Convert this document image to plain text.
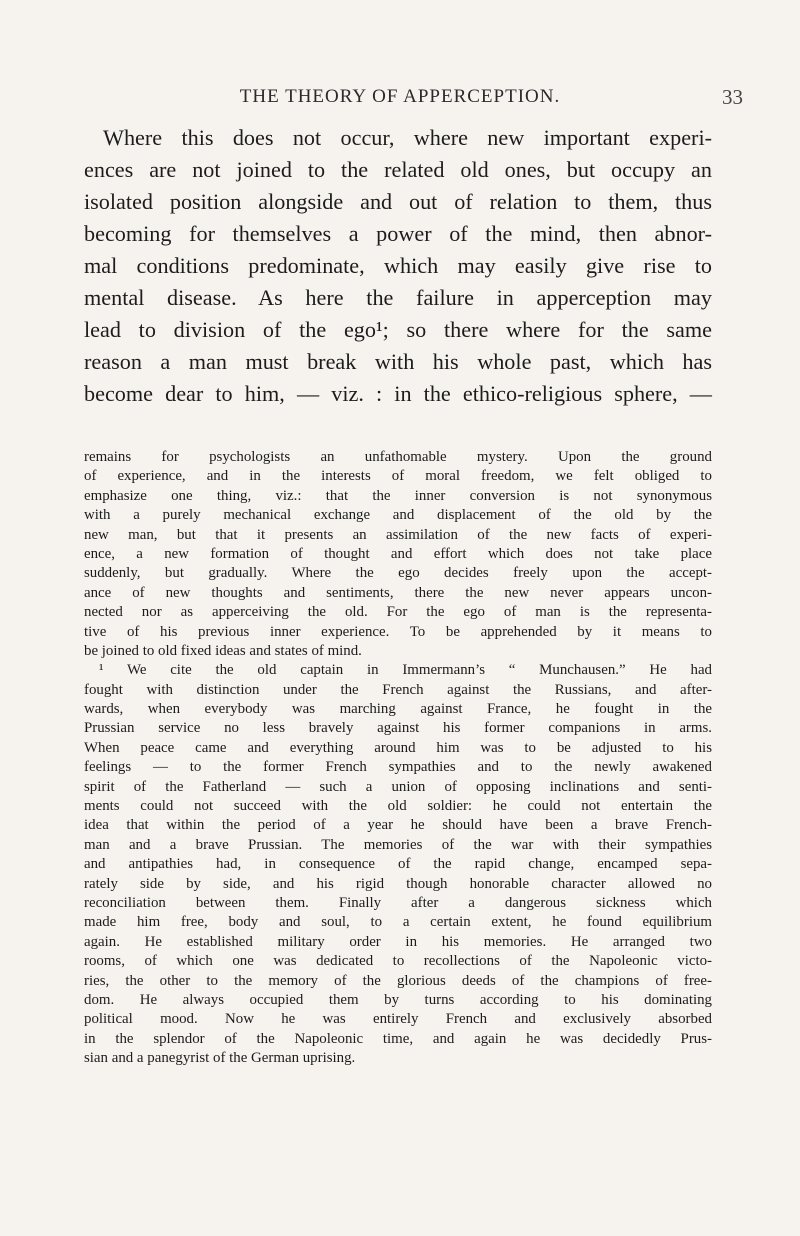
THE THEORY OF APPERCEPTION.	33
Where this does not occur, where new important experi-
ences are not joined to the related old ones, but occupy an
isolated position alongside and out of relation to them, thus
becoming for themselves a power of the mind, then abnor-
mal conditions predominate, which may easily give rise to
mental disease. As here the failure in apperception may
lead to division of the ego¹; so there where for the same
reason a man must break with his whole past, which has
become dear to him, — viz. : in the ethico-religious sphere, —
remains for psychologists an unfathomable mystery. Upon the ground
of experience, and in the interests of moral freedom, we felt obliged to
emphasize one thing, viz.: that the inner conversion is not synonymous
with a purely mechanical exchange and displacement of the old by the
new man, but that it presents an assimilation of the new facts of experi-
ence, a new formation of thought and effort which does not take place
suddenly, but gradually. Where the ego decides freely upon the accept-
ance of new thoughts and sentiments, there the new never appears uncon-
nected nor as apperceiving the old. For the ego of man is the representa-
tive of his previous inner experience. To be apprehended by it means to
be joined to old fixed ideas and states of mind.
¹ We cite the old captain in Immermann’s “ Munchausen.” He had
fought with distinction under the French against the Russians, and after-
wards, when everybody was marching against France, he fought in the
Prussian service no less bravely against his former companions in arms.
When peace came and everything around him was to be adjusted to his
feelings — to the former French sympathies and to the newly awakened
spirit of the Fatherland — such a union of opposing inclinations and senti-
ments could not succeed with the old soldier: he could not entertain the
idea that within the period of a year he should have been a brave French-
man and a brave Prussian. The memories of the war with their sympathies
and antipathies had, in consequence of the rapid change, encamped sepa-
rately side by side, and his rigid though honorable character allowed no
reconciliation between them. Finally after a dangerous sickness which
made him free, body and soul, to a certain extent, he found equilibrium
again. He established military order in his memories. He arranged two
rooms, of which one was dedicated to recollections of the Napoleonic victo-
ries, the other to the memory of the glorious deeds of the champions of free-
dom. He always occupied them by turns according to his dominating
political mood. Now he was entirely French and exclusively absorbed
in the splendor of the Napoleonic time, and again he was decidedly Prus-
sian and a panegyrist of the German uprising.
